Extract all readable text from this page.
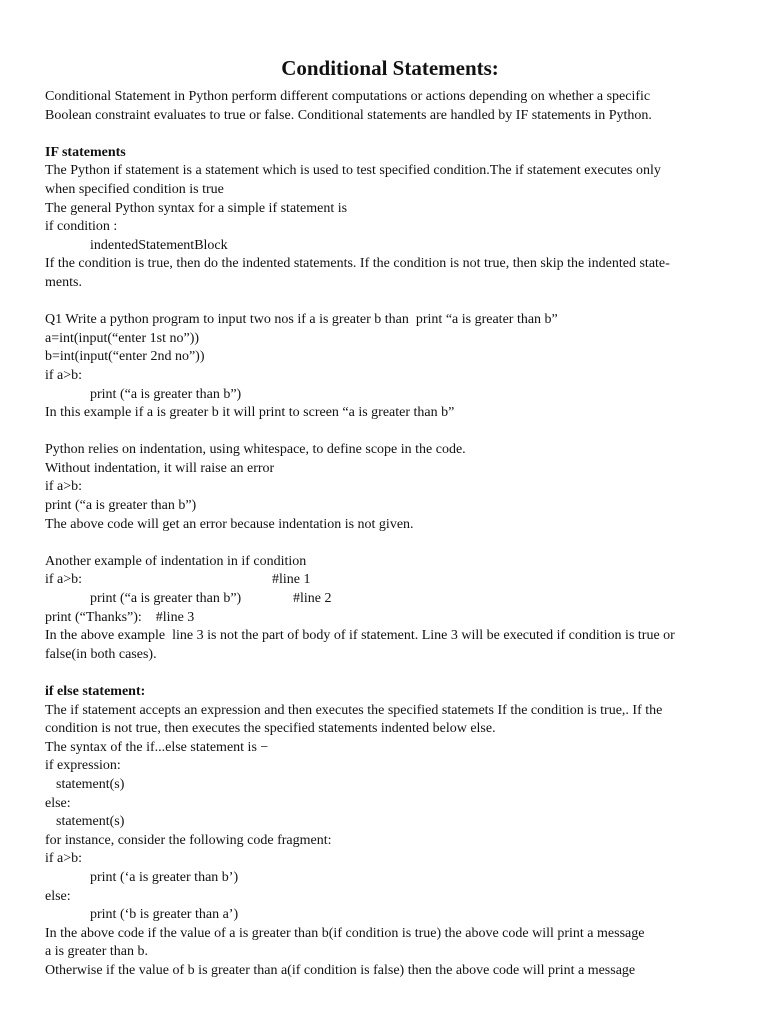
Conditional Statements:
Conditional Statement in Python perform different computations or actions depending on whether a specific
Boolean constraint evaluates to true or false. Conditional statements are handled by IF statements in Python.
IF statements
The Python if statement is a statement which is used to test specified condition.The if statement executes only
when specified condition is true
The general Python syntax for a simple if statement is
if condition :
indentedStatementBlock
If the condition is true, then do the indented statements. If the condition is not true, then skip the indented state-
ments.
Q1 Write a python program to input two nos if a is greater b than  print “a is greater than b”
a=int(input(“enter 1st no”))
b=int(input(“enter 2nd no”))
if a>b:
print (“a is greater than b”)
In this example if a is greater b it will print to screen “a is greater than b”
Python relies on indentation, using whitespace, to define scope in the code.
Without indentation, it will raise an error
if a>b:
print (“a is greater than b”)
The above code will get an error because indentation is not given.
Another example of indentation in if condition
if a>b:	#line 1
print (“a is greater than b”)	#line 2
print (“Thanks”): #line 3
In the above example  line 3 is not the part of body of if statement. Line 3 will be executed if condition is true or
false(in both cases).
if else statement:
The if statement accepts an expression and then executes the specified statemets If the condition is true,. If the
condition is not true, then executes the specified statements indented below else.
The syntax of the if...else statement is −
if expression:
statement(s)
else:
statement(s)
for instance, consider the following code fragment:
if a>b:
print (‘a is greater than b’)
else:
print (‘b is greater than a’)
In the above code if the value of a is greater than b(if condition is true) the above code will print a message
a is greater than b.
Otherwise if the value of b is greater than a(if condition is false) then the above code will print a message
